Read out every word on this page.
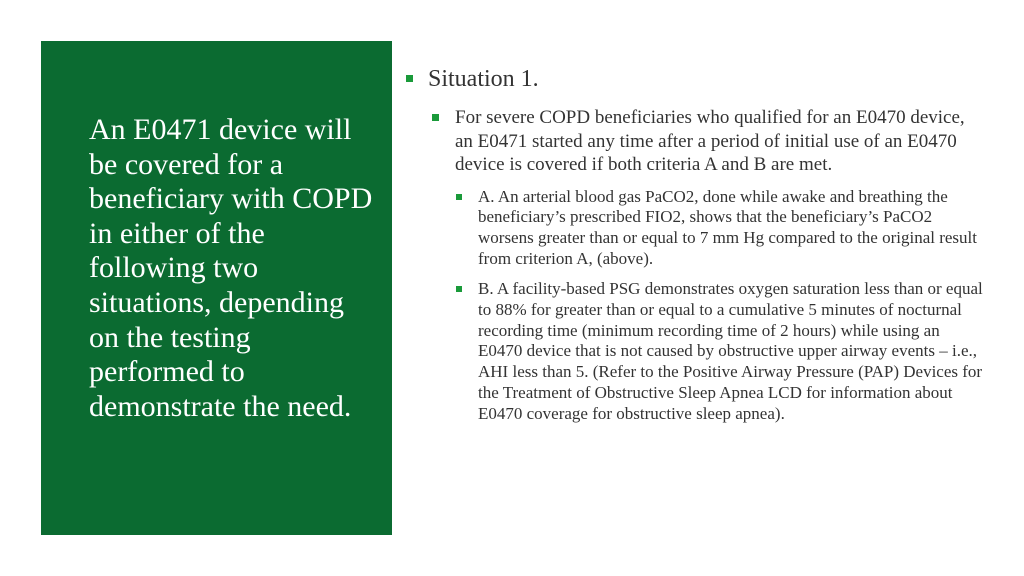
An E0471 device will be covered for a beneficiary with COPD in either of the following two situations, depending on the testing performed to demonstrate the need.

Situation 1.
For severe COPD beneficiaries who qualified for an E0470 device, an E0471 started any time after a period of initial use of an E0470 device is covered if both criteria A and B are met.
A. An arterial blood gas PaCO2, done while awake and breathing the beneficiary’s prescribed FIO2, shows that the beneficiary’s PaCO2 worsens greater than or equal to 7 mm Hg compared to the original result from criterion A, (above).
B. A facility-based PSG demonstrates oxygen saturation less than or equal to 88% for greater than or equal to a cumulative 5 minutes of nocturnal recording time (minimum recording time of 2 hours) while using an E0470 device that is not caused by obstructive upper airway events – i.e., AHI less than 5. (Refer to the Positive Airway Pressure (PAP) Devices for the Treatment of Obstructive Sleep Apnea LCD for information about E0470 coverage for obstructive sleep apnea).
